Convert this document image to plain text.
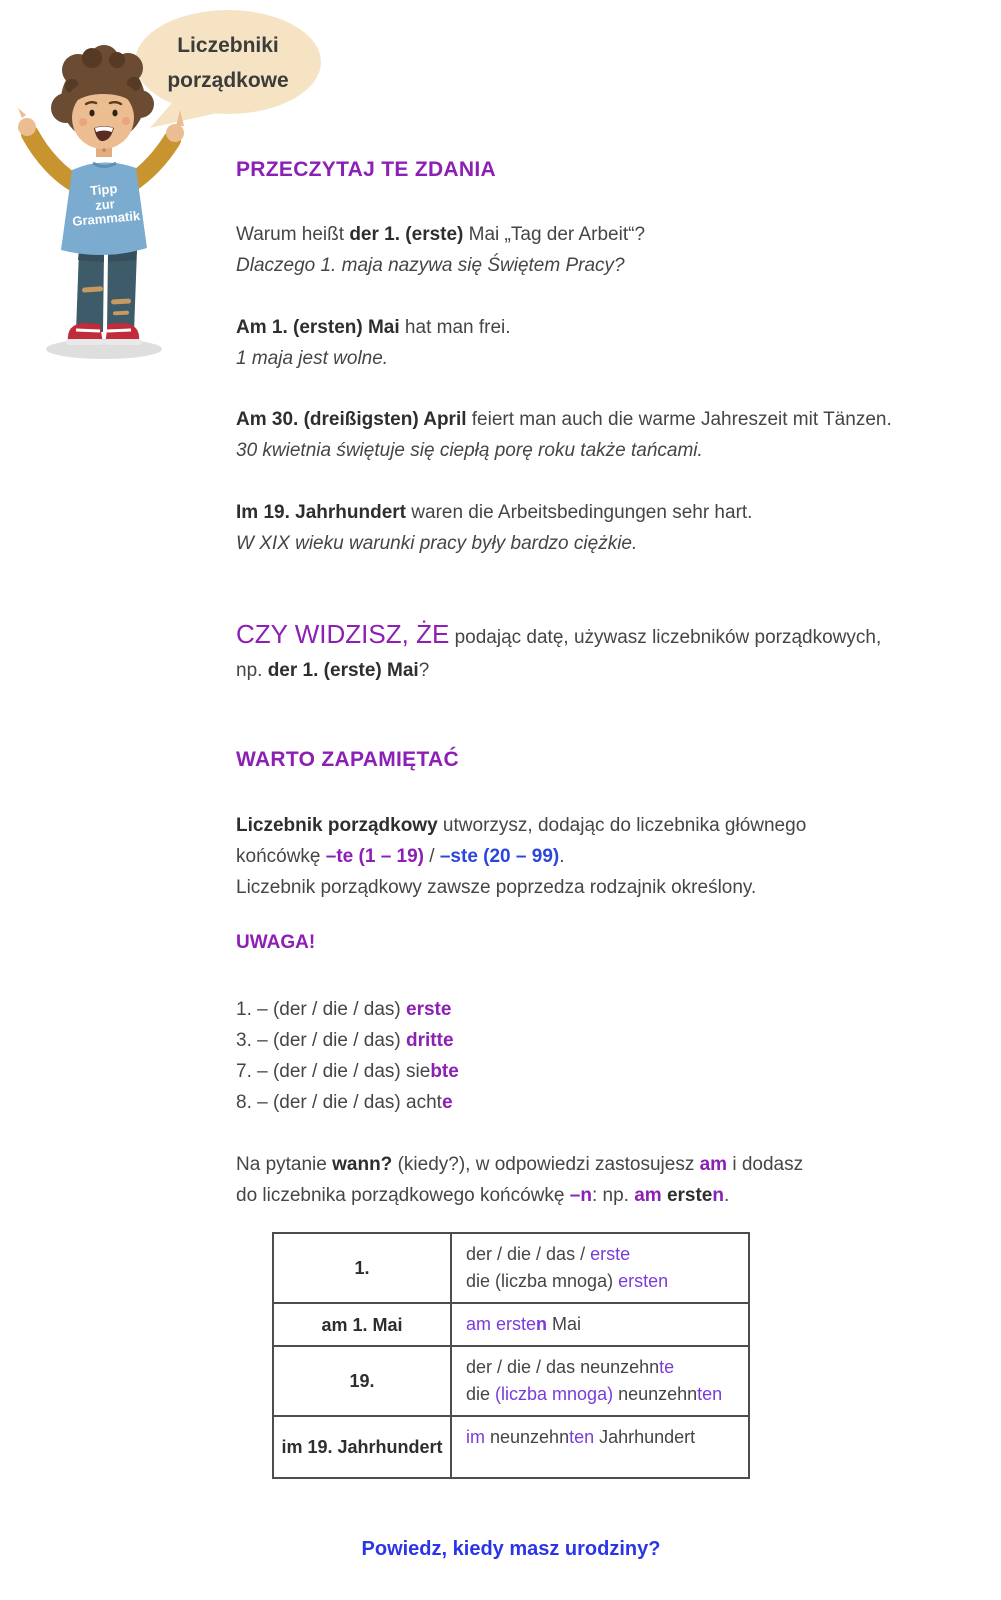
Liczebniki
porządkowe
Tipp
zur
Grammatik
PRZECZYTAJ TE ZDANIA
Warum heißt der 1. (erste) Mai „Tag der Arbeit“?
Dlaczego 1. maja nazywa się Świętem Pracy?
Am 1. (ersten) Mai hat man frei.
1 maja jest wolne.
Am 30. (dreißigsten) April feiert man auch die warme Jahreszeit mit Tänzen.
30 kwietnia świętuje się ciepłą porę roku także tańcami.
Im 19. Jahrhundert waren die Arbeitsbedingungen sehr hart.
W XIX wieku warunki pracy były bardzo ciężkie.
CZY WIDZISZ, ŻE podając datę, używasz liczebników porządkowych,
np. der 1. (erste) Mai?
WARTO ZAPAMIĘTAĆ
Liczebnik porządkowy utworzysz, dodając do liczebnika głównego
końcówkę –te (1 – 19) / –ste (20 – 99).
Liczebnik porządkowy zawsze poprzedza rodzajnik określony.
UWAGA!
1. – (der / die / das) erste
3. – (der / die / das) dritte
7. – (der / die / das) siebte
8. – (der / die / das) achte
Na pytanie wann? (kiedy?), w odpowiedzi zastosujesz am i dodasz
do liczebnika porządkowego końcówkę –n: np. am ersten.
1.	der / die / das / erste
die (liczba mnoga) ersten

am 1. Mai	am ersten Mai

19.	der / die / das neunzehnte
die (liczba mnoga) neunzehnten

im 19. Jahrhundert	im neunzehnten Jahrhundert
Powiedz, kiedy masz urodziny?
